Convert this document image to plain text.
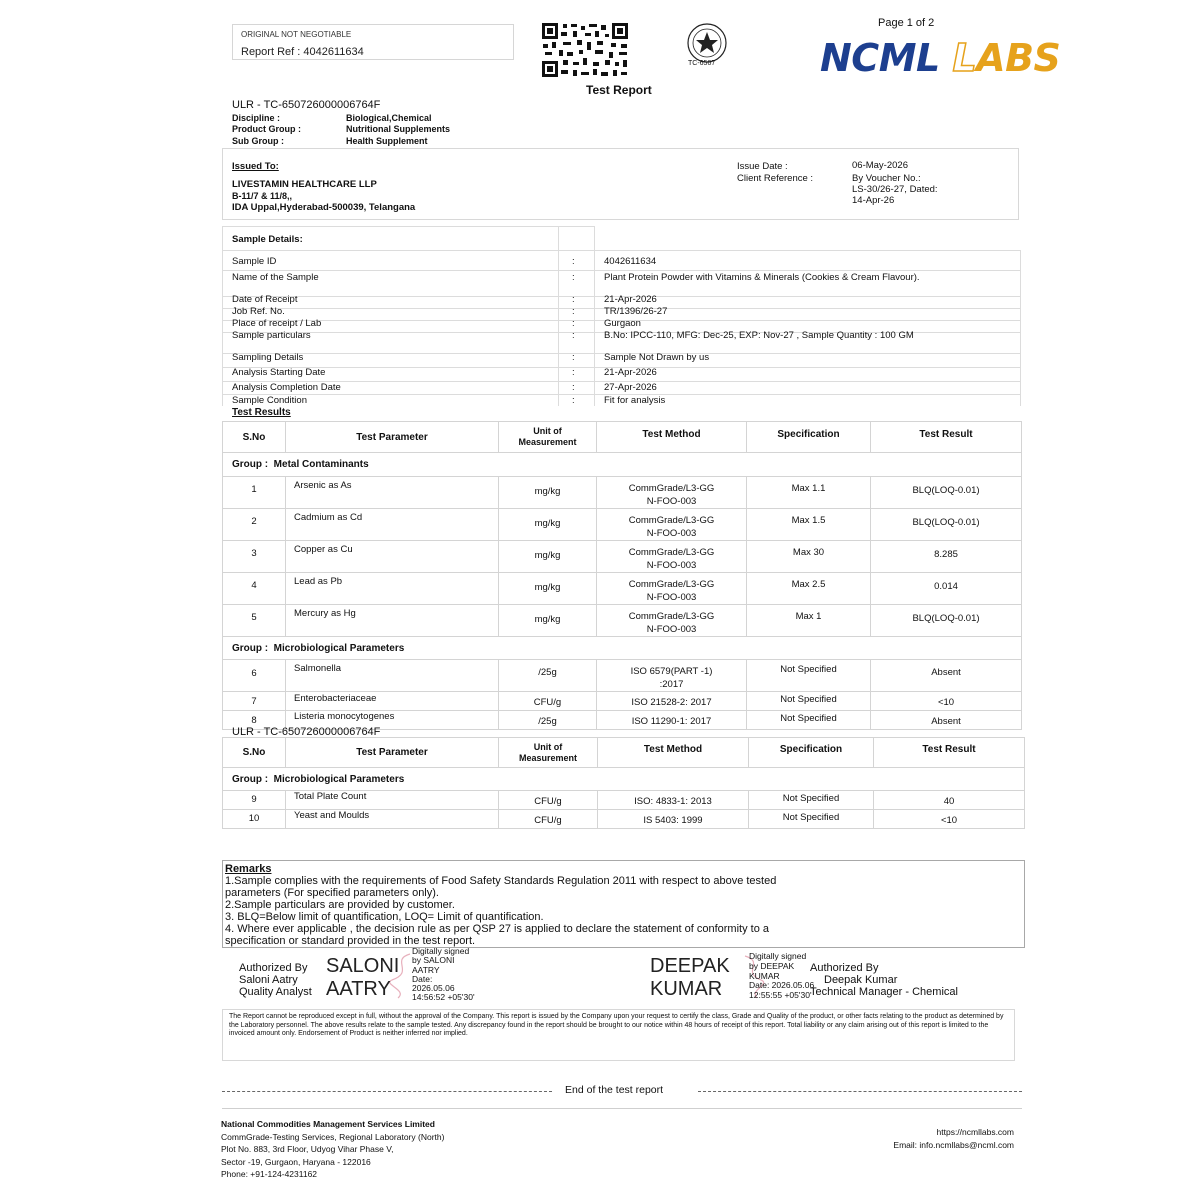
ORIGINAL NOT NEGOTIABLE
Report Ref : 4042611634
TC-6507
Page 1 of 2
NCML LABS
Test Report
ULR - TC-650726000006764F
Discipline :	Biological,Chemical
Product Group :	Nutritional Supplements
Sub Group :	Health Supplement
Issued To:
LIVESTAMIN HEALTHCARE LLP
B-11/7 & 11/8,,
IDA Uppal,Hyderabad-500039, Telangana
Issue Date :	06-May-2026
Client Reference :	By Voucher No.:
LS-30/26-27, Dated:
14-Apr-26
Sample Details:
Sample ID	:	4042611634
Name of the Sample	:	Plant Protein Powder with Vitamins & Minerals (Cookies & Cream Flavour).
Date of Receipt	:	21-Apr-2026
Job Ref. No.	:	TR/1396/26-27
Place of receipt / Lab	:	Gurgaon
Sample particulars	:	B.No: IPCC-110, MFG: Dec-25, EXP: Nov-27 , Sample Quantity : 100 GM
Sampling Details	:	Sample Not Drawn by us
Analysis Starting Date	:	21-Apr-2026
Analysis Completion Date	:	27-Apr-2026
Sample Condition	:	Fit for analysis
Test Results
S.No	Test Parameter	Unit of
Measurement	Test Method	Specification	Test Result
Group : Metal Contaminants					
1	Arsenic as As	mg/kg	CommGrade/L3-GG
N-FOO-003	Max 1.1	BLQ(LOQ-0.01)
2	Cadmium as Cd	mg/kg	CommGrade/L3-GG
N-FOO-003	Max 1.5	BLQ(LOQ-0.01)
3	Copper as Cu	mg/kg	CommGrade/L3-GG
N-FOO-003	Max 30	8.285
4	Lead as Pb	mg/kg	CommGrade/L3-GG
N-FOO-003	Max 2.5	0.014
5	Mercury as Hg	mg/kg	CommGrade/L3-GG
N-FOO-003	Max 1	BLQ(LOQ-0.01)
Group : Microbiological Parameters					
6	Salmonella	/25g	ISO 6579(PART -1)
:2017	Not Specified	Absent
7	Enterobacteriaceae	CFU/g	ISO 21528-2: 2017	Not Specified	<10
8	Listeria monocytogenes	/25g	ISO 11290-1: 2017	Not Specified	Absent
ULR - TC-650726000006764F
S.No	Test Parameter	Unit of
Measurement	Test Method	Specification	Test Result
Group : Microbiological Parameters					
9	Total Plate Count	CFU/g	ISO: 4833-1: 2013	Not Specified	40
10	Yeast and Moulds	CFU/g	IS 5403: 1999	Not Specified	<10
Remarks
1.Sample complies with the requirements of Food Safety Standards Regulation 2011 with respect to above tested
parameters (For specified parameters only).
2.Sample particulars are provided by customer.
3. BLQ=Below limit of quantification, LOQ= Limit of quantification.
4. Where ever applicable , the decision rule as per QSP 27 is applied to declare the statement of conformity to a
specification or standard provided in the test report.
Authorized By
Saloni Aatry
Quality Analyst
SALONI
AATRY
Digitally signed
by SALONI
AATRY
Date:
2026.05.06
14:56:52 +05'30'
DEEPAK
KUMAR
Digitally signed
by DEEPAK
KUMAR
Date: 2026.05.06
12:55:55 +05'30'
Authorized By
Deepak Kumar
Technical Manager - Chemical
The Report cannot be reproduced except in full, without the approval of the Company. This report is issued by the Company upon your request to certify the class, Grade and Quality of the product, or other facts relating to the product as determined by the Laboratory personnel. The above results relate to the sample tested. Any discrepancy found in the report should be brought to our notice within 48 hours of receipt of this report. Total liability or any claim arising out of this report is limited to the invoiced amount only. Endorsement of Product is neither inferred nor implied.
End of the test report
National Commodities Management Services Limited
CommGrade-Testing Services, Regional Laboratory (North)
Plot No. 883, 3rd Floor, Udyog Vihar Phase V,
Sector -19, Gurgaon, Haryana - 122016
Phone: +91-124-4231162
https://ncmllabs.com
Email: info.ncmllabs@ncml.com
